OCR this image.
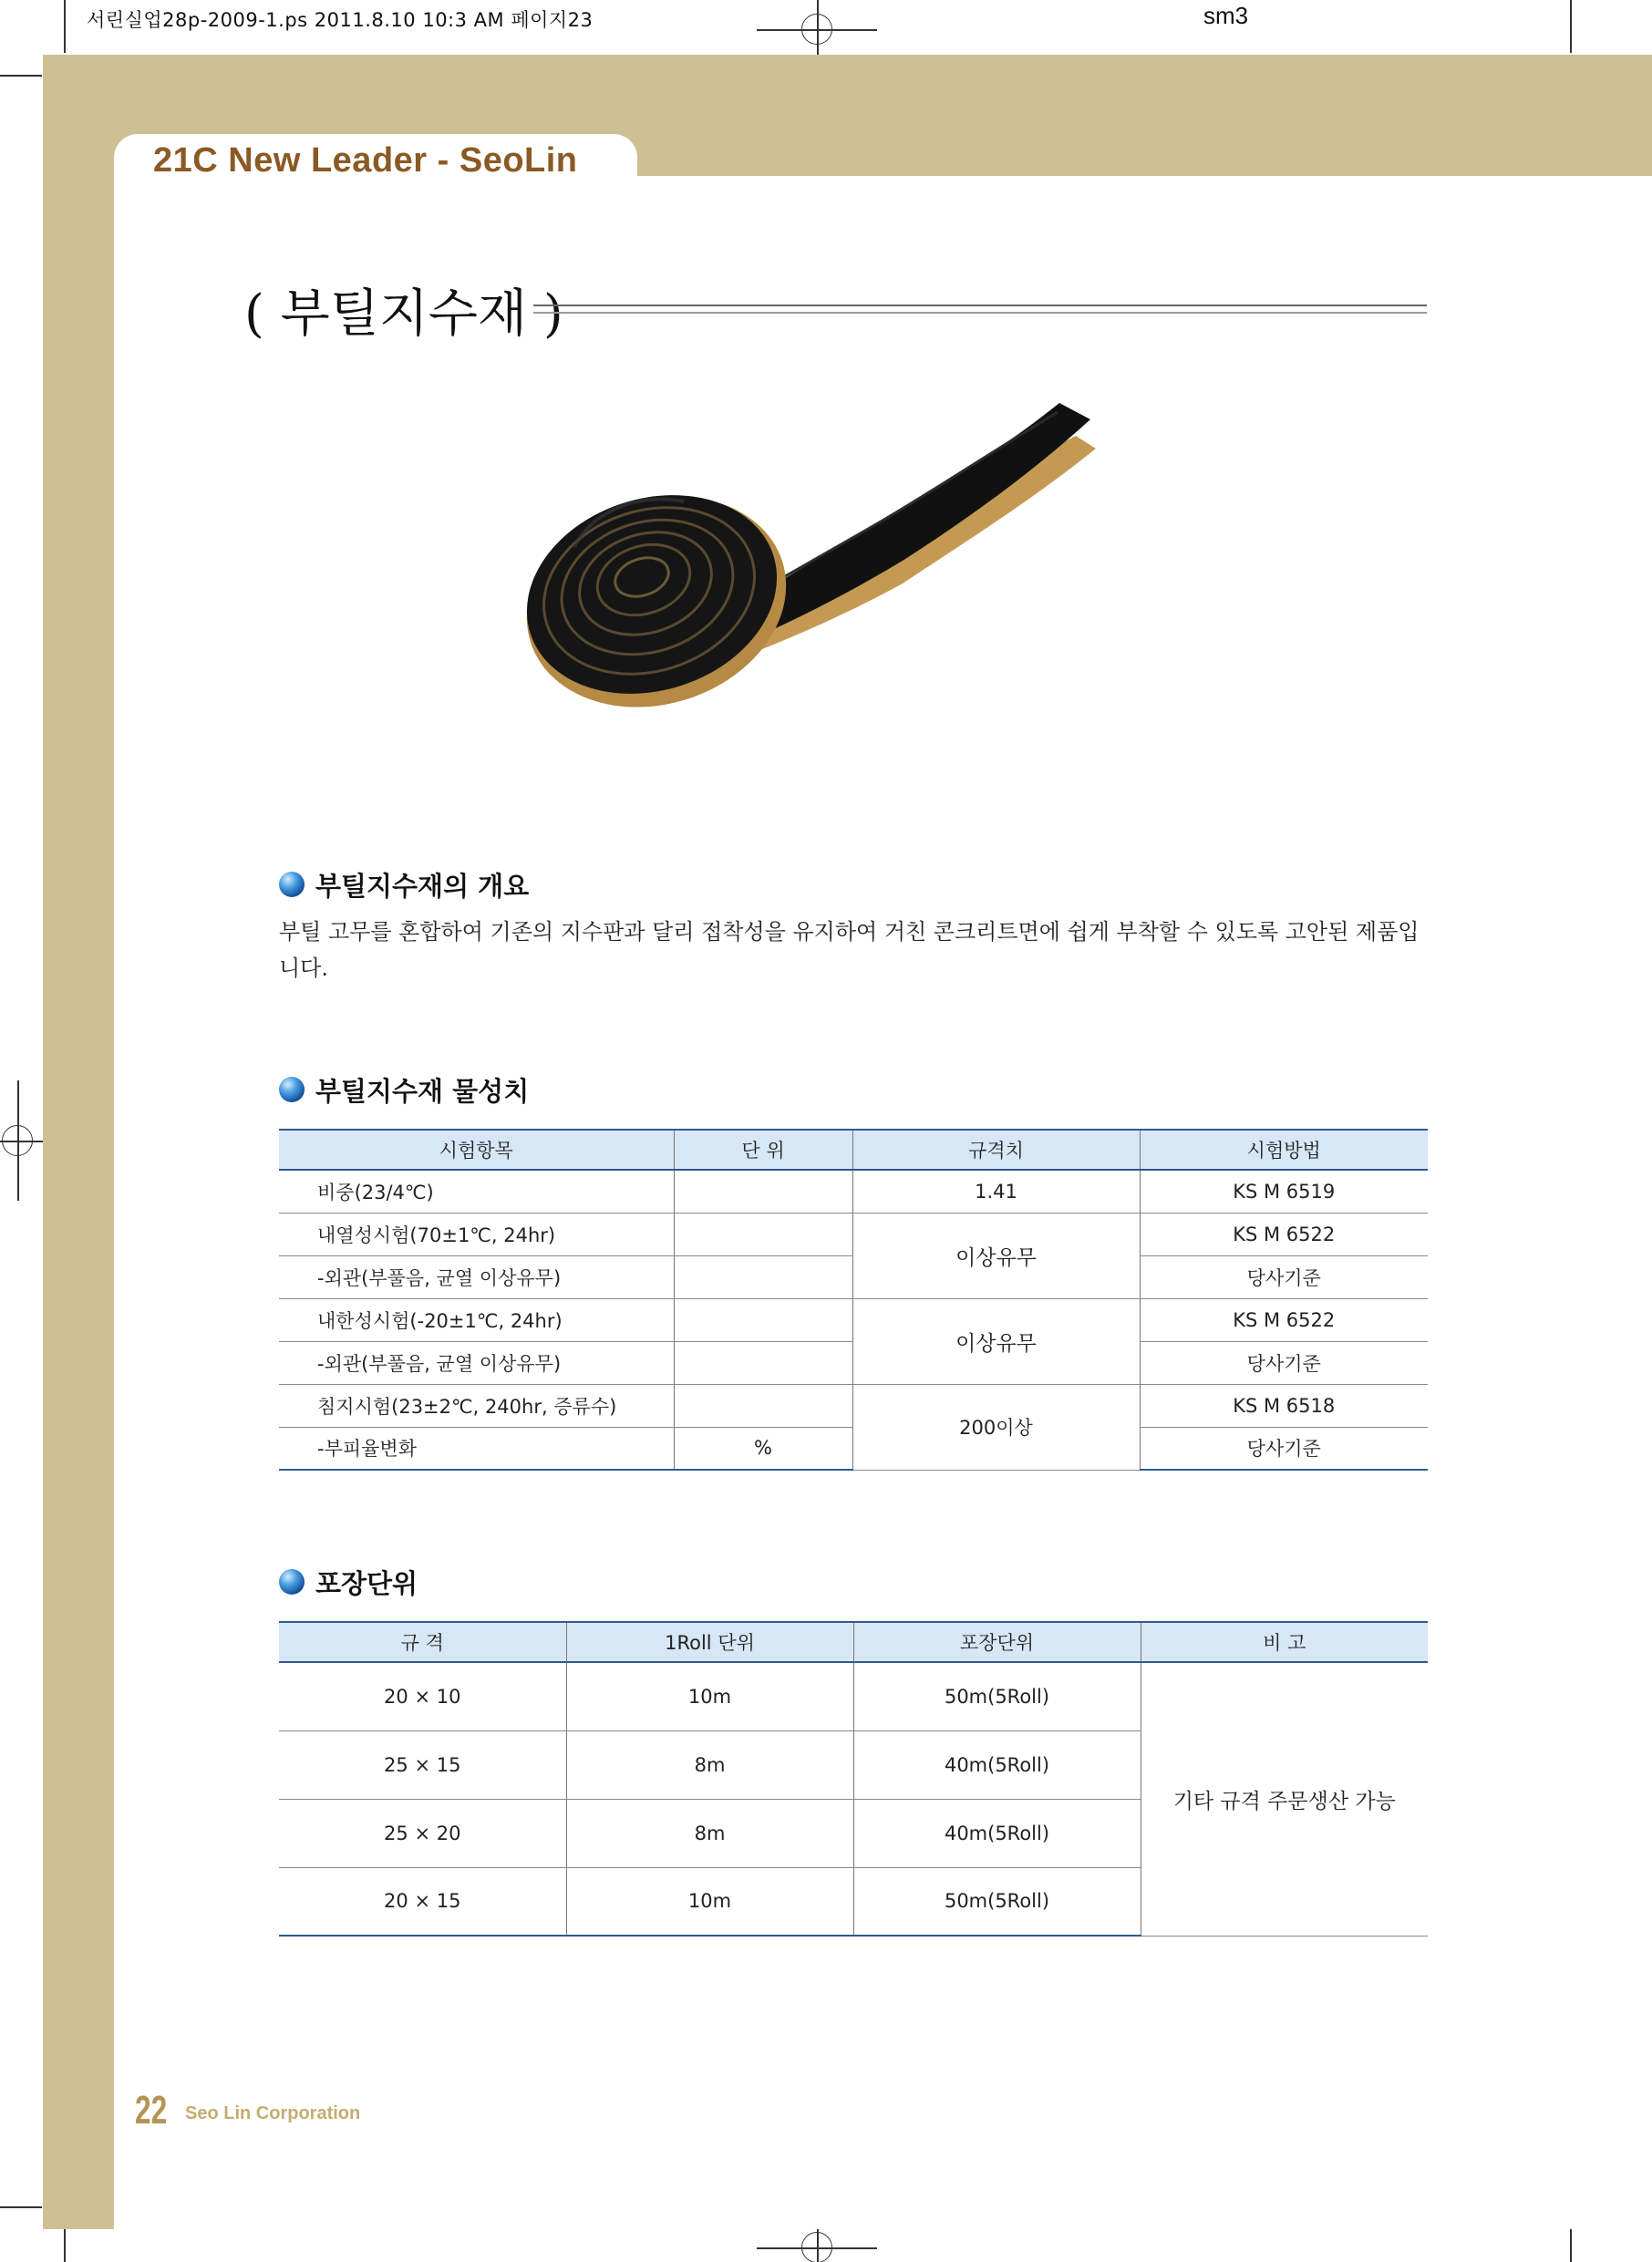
서린실업28p-2009-1.ps 2011.8.10 10:3 AM 페이지23	sm3
21C New Leader - SeoLin
( 부틸지수재 )
부틸지수재의 개요
부틸 고무를 혼합하여 기존의 지수판과 달리 접착성을 유지하여 거친 콘크리트면에 쉽게 부착할 수 있도록 고안된 제품입니다.
부틸지수재 물성치
시험항목	단 위	규격치	시험방법
비중(23/4℃)		1.41	KS M 6519
내열성시험(70±1℃, 24hr)		이상유무	KS M 6522
-외관(부풀음, 균열 이상유무)			당사기준
내한성시험(-20±1℃, 24hr)		이상유무	KS M 6522
-외관(부풀음, 균열 이상유무)			당사기준
침지시험(23±2℃, 240hr, 증류수)		200이상	KS M 6518
-부피율변화	%		당사기준
포장단위
규 격	1Roll 단위	포장단위	비 고
20 × 10	10m	50m(5Roll)	기타 규격 주문생산 가능
25 × 15	8m	40m(5Roll)	
25 × 20	8m	40m(5Roll)	
20 × 15	10m	50m(5Roll)	
22 Seo Lin Corporation
